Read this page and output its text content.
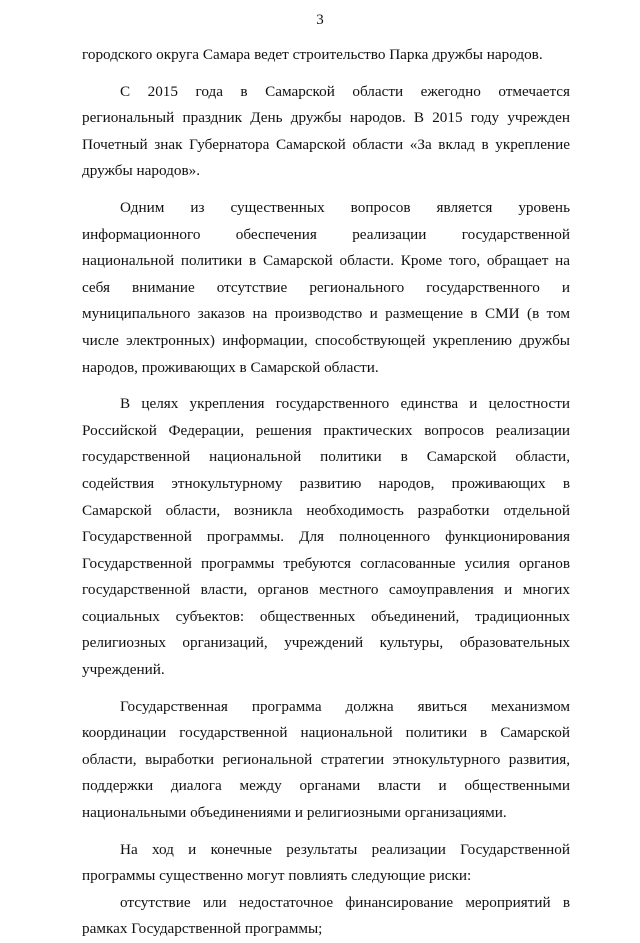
3

городского округа Самара ведет строительство Парка дружбы народов.

С 2015 года в Самарской области ежегодно отмечается региональный праздник День дружбы народов. В 2015 году учрежден Почетный знак Губернатора Самарской области «За вклад в укрепление дружбы народов».

Одним из существенных вопросов является уровень информационного обеспечения реализации государственной национальной политики в Самарской области. Кроме того, обращает на себя внимание отсутствие регионального государственного и муниципального заказов на производство и размещение в СМИ (в том числе электронных) информации, способствующей укреплению дружбы народов, проживающих в Самарской области.

В целях укрепления государственного единства и целостности Российской Федерации, решения практических вопросов реализации государственной национальной политики в Самарской области, содействия этнокультурному развитию народов, проживающих в Самарской области, возникла необходимость разработки отдельной Государственной программы. Для полноценного функционирования Государственной программы требуются согласованные усилия органов государственной власти, органов местного самоуправления и многих социальных субъектов: общественных объединений, традиционных религиозных организаций, учреждений культуры, образовательных учреждений.

Государственная программа должна явиться механизмом координации государственной национальной политики в Самарской области, выработки региональной стратегии этнокультурного развития, поддержки диалога между органами власти и общественными национальными объединениями и религиозными организациями.

На ход и конечные результаты реализации Государственной программы существенно могут повлиять следующие риски:

отсутствие или недостаточное финансирование мероприятий в рамках Государственной программы;
